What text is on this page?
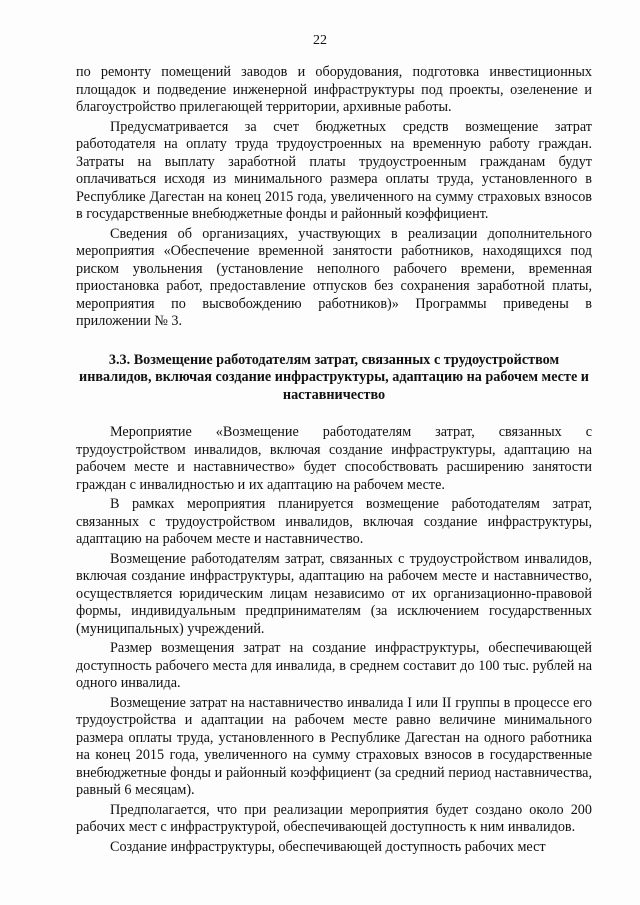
22

по ремонту помещений заводов и оборудования, подготовка инвестиционных площадок и подведение инженерной инфраструктуры под проекты, озеленение и благоустройство прилегающей территории, архивные работы.

Предусматривается за счет бюджетных средств возмещение затрат работодателя на оплату труда трудоустроенных на временную работу граждан. Затраты на выплату заработной платы трудоустроенным гражданам будут оплачиваться исходя из минимального размера оплаты труда, установленного в Республике Дагестан на конец 2015 года, увеличенного на сумму страховых взносов в государственные внебюджетные фонды и районный коэффициент.

Сведения об организациях, участвующих в реализации дополнительного мероприятия «Обеспечение временной занятости работников, находящихся под риском увольнения (установление неполного рабочего времени, временная приостановка работ, предоставление отпусков без сохранения заработной платы, мероприятия по высвобождению работников)» Программы приведены в приложении № 3.

3.3. Возмещение работодателям затрат, связанных с трудоустройством инвалидов, включая создание инфраструктуры, адаптацию на рабочем месте и наставничество

Мероприятие «Возмещение работодателям затрат, связанных с трудоустройством инвалидов, включая создание инфраструктуры, адаптацию на рабочем месте и наставничество» будет способствовать расширению занятости граждан с инвалидностью и их адаптацию на рабочем месте.

В рамках мероприятия планируется возмещение работодателям затрат, связанных с трудоустройством инвалидов, включая создание инфраструктуры, адаптацию на рабочем месте и наставничество.

Возмещение работодателям затрат, связанных с трудоустройством инвалидов, включая создание инфраструктуры, адаптацию на рабочем месте и наставничество, осуществляется юридическим лицам независимо от их организационно-правовой формы, индивидуальным предпринимателям (за исключением государственных (муниципальных) учреждений.

Размер возмещения затрат на создание инфраструктуры, обеспечивающей доступность рабочего места для инвалида, в среднем составит до 100 тыс. рублей на одного инвалида.

Возмещение затрат на наставничество инвалида I или II группы в процессе его трудоустройства и адаптации на рабочем месте равно величине минимального размера оплаты труда, установленного в Республике Дагестан на одного работника на конец 2015 года, увеличенного на сумму страховых взносов в государственные внебюджетные фонды и районный коэффициент (за средний период наставничества, равный 6 месяцам).

Предполагается, что при реализации мероприятия будет создано около 200 рабочих мест с инфраструктурой, обеспечивающей доступность к ним инвалидов.

Создание инфраструктуры, обеспечивающей доступность рабочих мест
